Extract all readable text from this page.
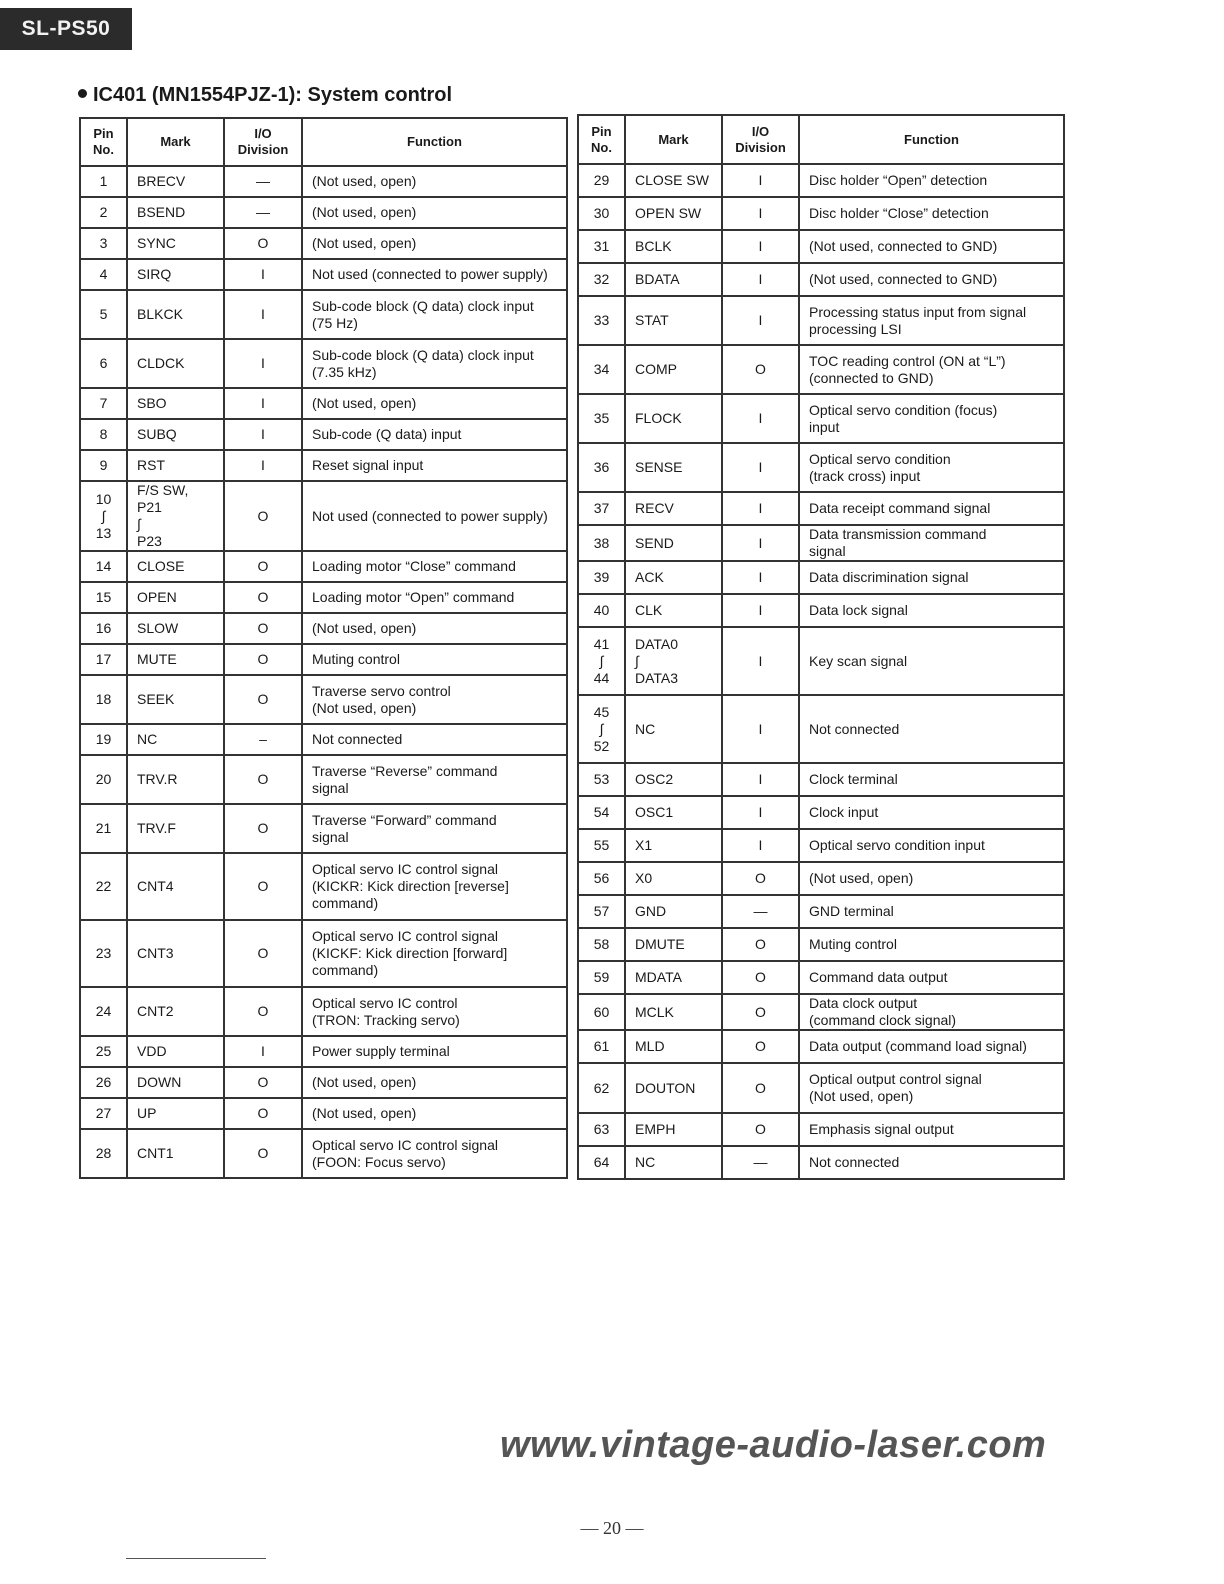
SL-PS50
IC401 (MN1554PJZ-1): System control
Pin
No.	Mark	I/O
Division	Function
1	BRECV	—	(Not used, open)
2	BSEND	—	(Not used, open)
3	SYNC	O	(Not used, open)
4	SIRQ	I	Not used (connected to power supply)
5	BLKCK	I	Sub-code block (Q data) clock input
(75 Hz)
6	CLDCK	I	Sub-code block (Q data) clock input
(7.35 kHz)
7	SBO	I	(Not used, open)
8	SUBQ	I	Sub-code (Q data) input
9	RST	I	Reset signal input
10
∫
13	F/S SW,
P21
∫
P23	O	Not used (connected to power supply)
14	CLOSE	O	Loading motor “Close” command
15	OPEN	O	Loading motor “Open” command
16	SLOW	O	(Not used, open)
17	MUTE	O	Muting control
18	SEEK	O	Traverse servo control
(Not used, open)
19	NC	–	Not connected
20	TRV.R	O	Traverse “Reverse” command
signal
21	TRV.F	O	Traverse “Forward” command
signal
22	CNT4	O	Optical servo IC control signal
(KICKR: Kick direction [reverse]
command)
23	CNT3	O	Optical servo IC control signal
(KICKF: Kick direction [forward]
command)
24	CNT2	O	Optical servo IC control
(TRON: Tracking servo)
25	VDD	I	Power supply terminal
26	DOWN	O	(Not used, open)
27	UP	O	(Not used, open)
28	CNT1	O	Optical servo IC control signal
(FOON: Focus servo)
Pin
No.	Mark	I/O
Division	Function
29	CLOSE SW	I	Disc holder “Open” detection
30	OPEN SW	I	Disc holder “Close” detection
31	BCLK	I	(Not used, connected to GND)
32	BDATA	I	(Not used, connected to GND)
33	STAT	I	Processing status input from signal
processing LSI
34	COMP	O	TOC reading control (ON at “L”)
(connected to GND)
35	FLOCK	I	Optical servo condition (focus)
input
36	SENSE	I	Optical servo condition
(track cross) input
37	RECV	I	Data receipt command signal
38	SEND	I	Data transmission command
signal
39	ACK	I	Data discrimination signal
40	CLK	I	Data lock signal
41
∫
44	DATA0
∫
DATA3	I	Key scan signal
45
∫
52	NC	I	Not connected
53	OSC2	I	Clock terminal
54	OSC1	I	Clock input
55	X1	I	Optical servo condition input
56	X0	O	(Not used, open)
57	GND	—	GND terminal
58	DMUTE	O	Muting control
59	MDATA	O	Command data output
60	MCLK	O	Data clock output
(command clock signal)
61	MLD	O	Data output (command load signal)
62	DOUTON	O	Optical output control signal
(Not used, open)
63	EMPH	O	Emphasis signal output
64	NC	—	Not connected
www.vintage-audio-laser.com
— 20 —
